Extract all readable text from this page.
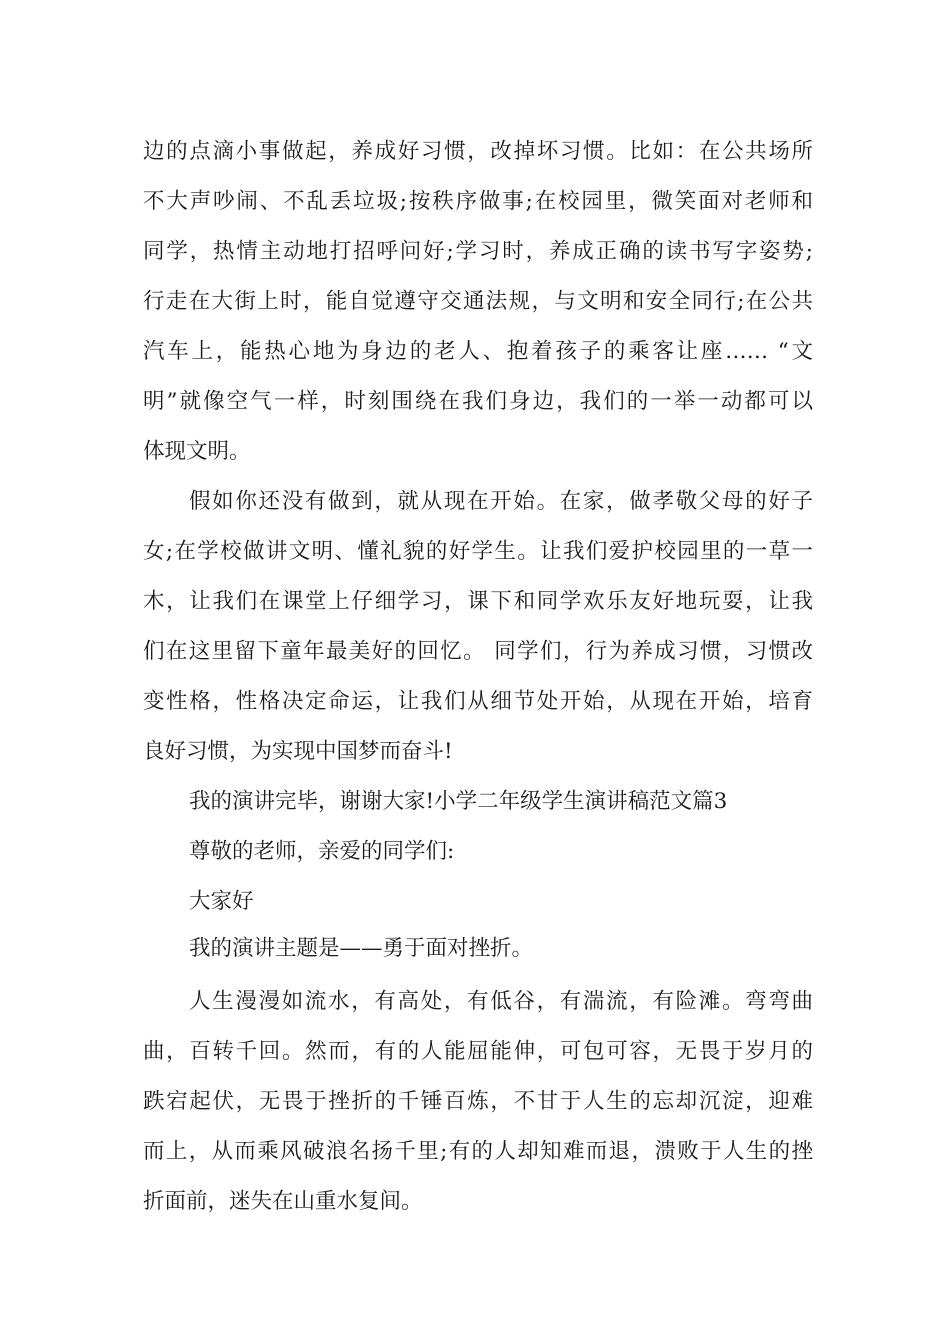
边的点滴小事做起，养成好习惯，改掉坏习惯。比如：在公共场所
不大声吵闹、不乱丢垃圾;按秩序做事;在校园里，微笑面对老师和
同学，热情主动地打招呼问好;学习时，养成正确的读书写字姿势;
行走在大街上时，能自觉遵守交通法规，与文明和安全同行;在公共
汽车上，能热心地为身边的老人、抱着孩子的乘客让座…… “文
明”就像空气一样，时刻围绕在我们身边，我们的一举一动都可以
体现文明。
假如你还没有做到，就从现在开始。在家，做孝敬父母的好子
女;在学校做讲文明、懂礼貌的好学生。让我们爱护校园里的一草一
木，让我们在课堂上仔细学习，课下和同学欢乐友好地玩耍，让我
们在这里留下童年最美好的回忆。 同学们，行为养成习惯，习惯改
变性格，性格决定命运，让我们从细节处开始，从现在开始，培育
良好习惯，为实现中国梦而奋斗!
我的演讲完毕，谢谢大家!小学二年级学生演讲稿范文篇3
尊敬的老师，亲爱的同学们:
大家好
我的演讲主题是——勇于面对挫折。
人生漫漫如流水，有高处，有低谷，有湍流，有险滩。弯弯曲
曲，百转千回。然而，有的人能屈能伸，可包可容，无畏于岁月的
跌宕起伏，无畏于挫折的千锤百炼，不甘于人生的忘却沉淀，迎难
而上，从而乘风破浪名扬千里;有的人却知难而退，溃败于人生的挫
折面前，迷失在山重水复间。
